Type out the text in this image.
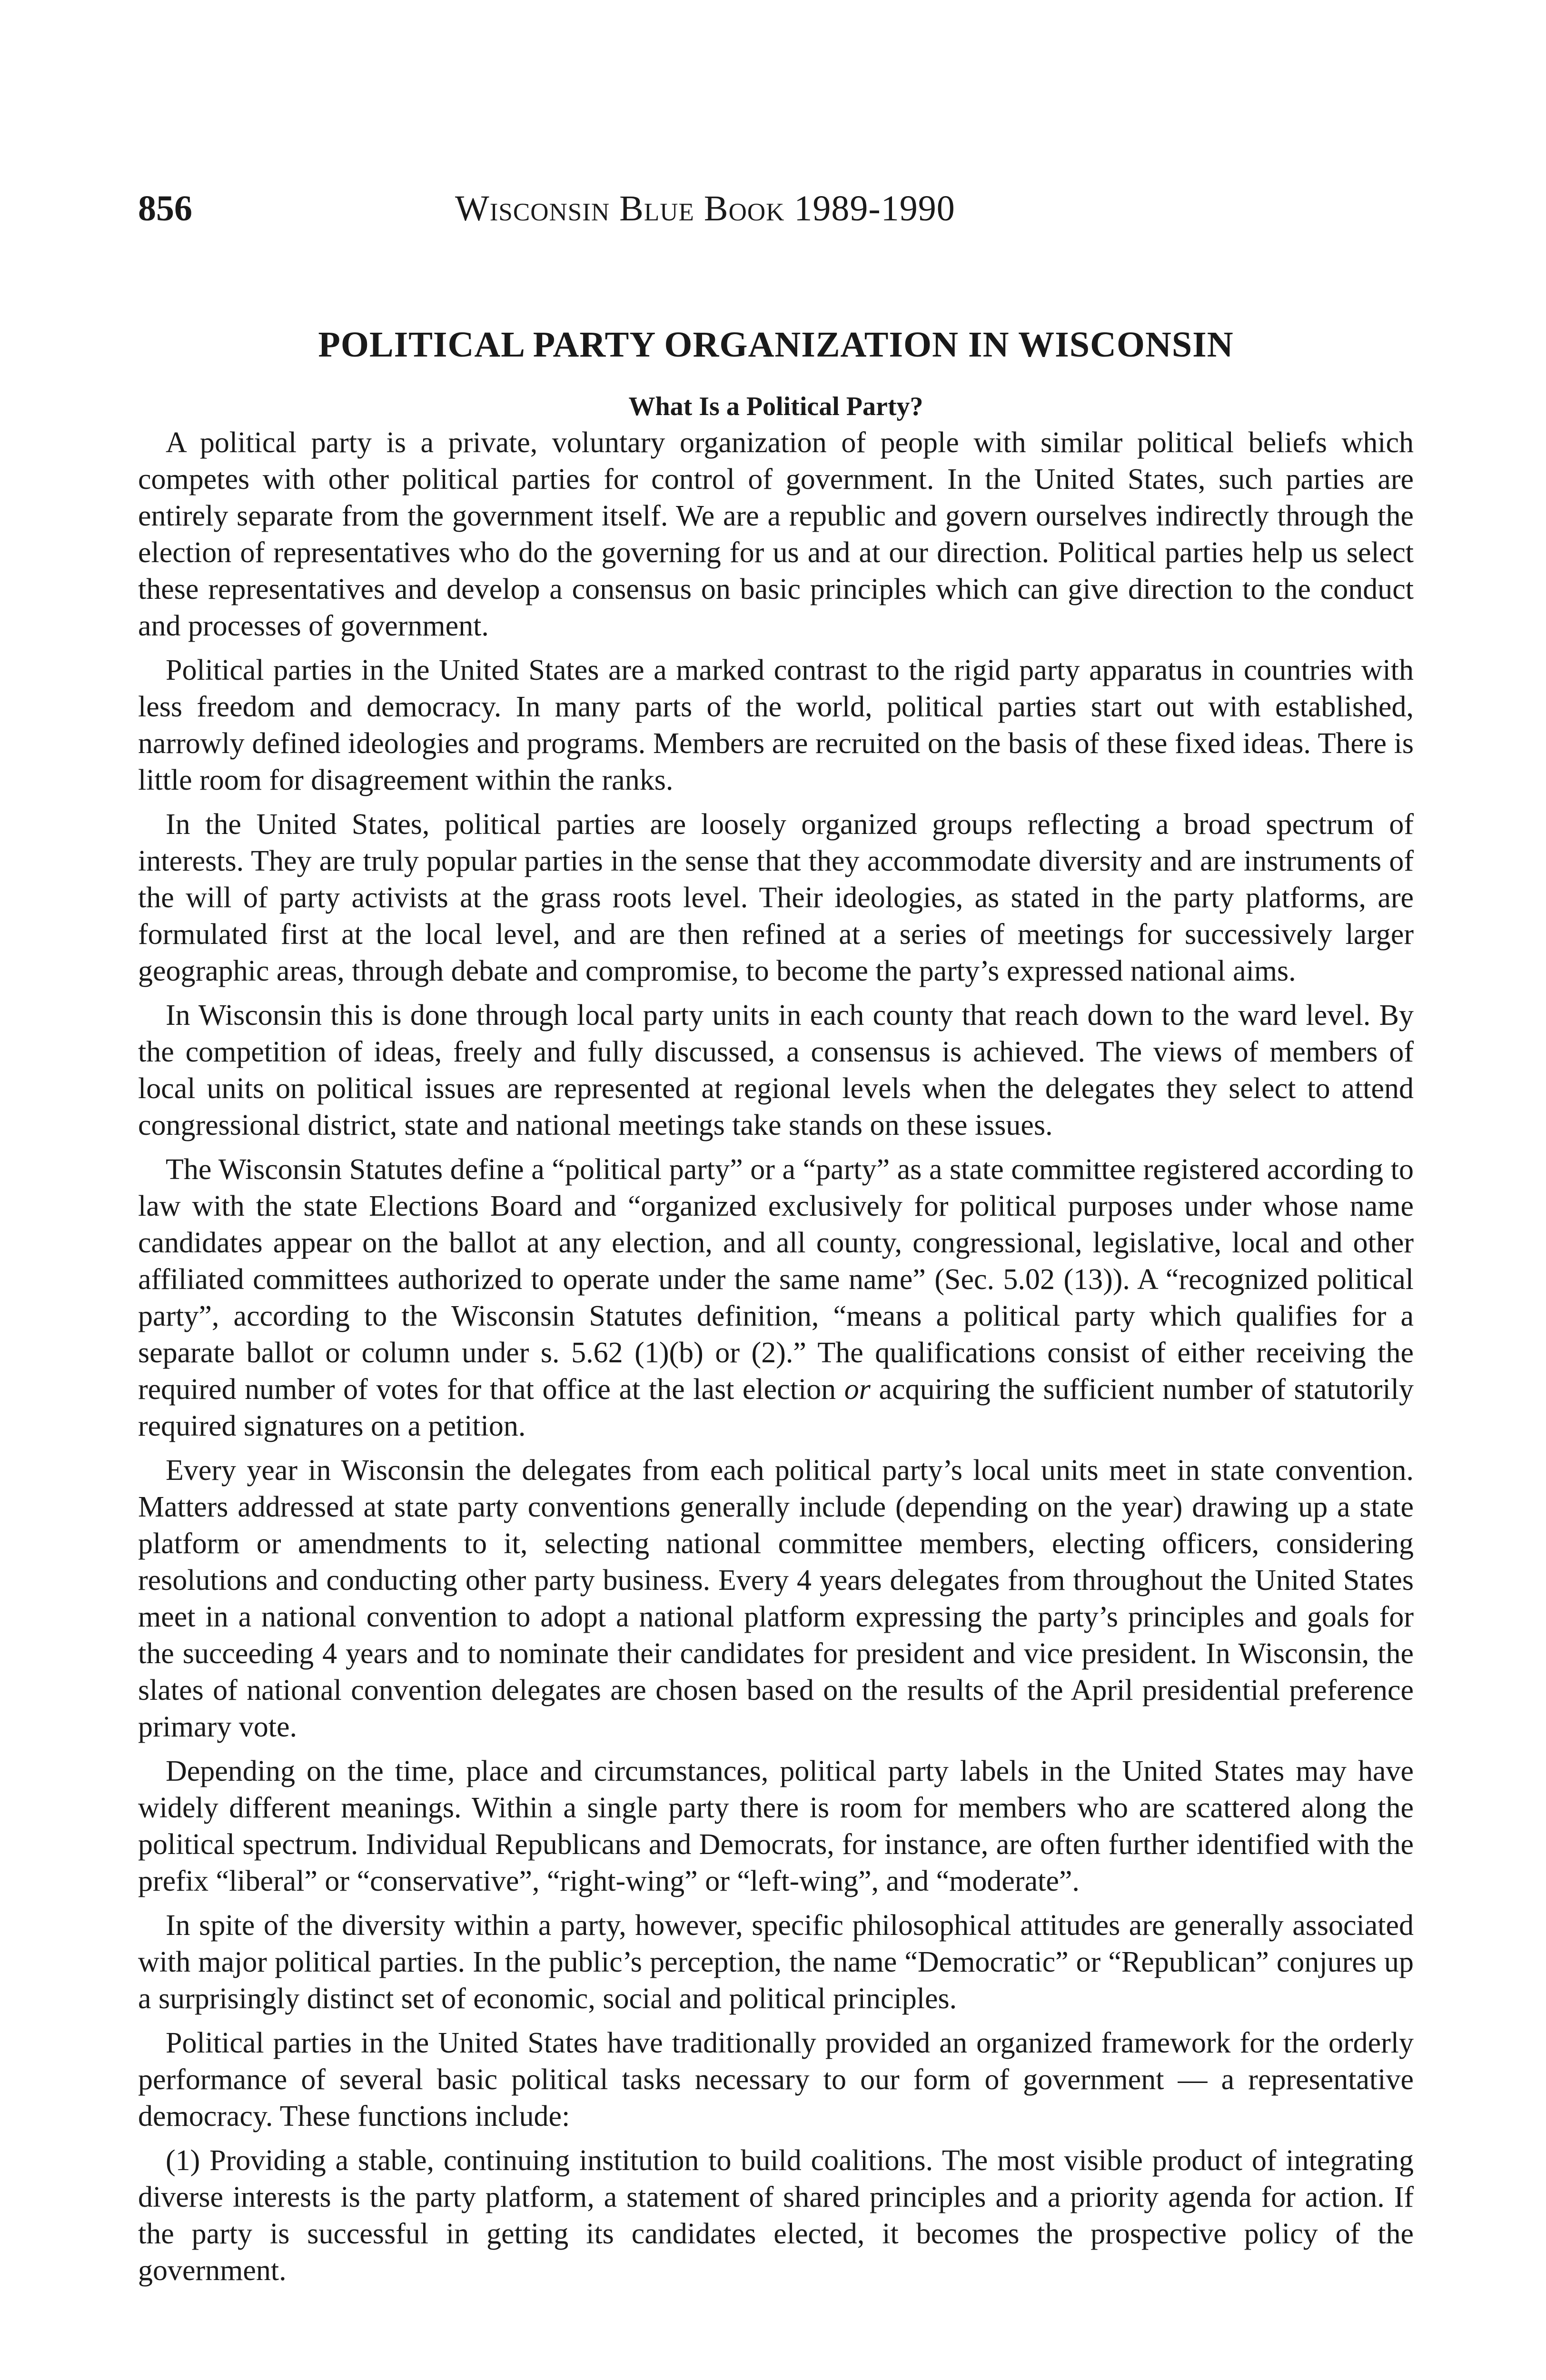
856	Wisconsin Blue Book 1989-1990
POLITICAL PARTY ORGANIZATION IN WISCONSIN
What Is a Political Party?

A political party is a private, voluntary organization of people with similar political beliefs which competes with other political parties for control of government. In the United States, such parties are entirely separate from the government itself. We are a republic and govern ourselves indirectly through the election of representatives who do the governing for us and at our direction. Political parties help us select these representatives and develop a consensus on basic principles which can give direction to the conduct and processes of government.

Political parties in the United States are a marked contrast to the rigid party apparatus in countries with less freedom and democracy. In many parts of the world, political parties start out with established, narrowly defined ideologies and programs. Members are recruited on the basis of these fixed ideas. There is little room for disagreement within the ranks.

In the United States, political parties are loosely organized groups reflecting a broad spectrum of interests. They are truly popular parties in the sense that they accommodate diversity and are instruments of the will of party activists at the grass roots level. Their ideologies, as stated in the party platforms, are formulated first at the local level, and are then refined at a series of meetings for successively larger geographic areas, through debate and compromise, to become the party’s expressed national aims.

In Wisconsin this is done through local party units in each county that reach down to the ward level. By the competition of ideas, freely and fully discussed, a consensus is achieved. The views of members of local units on political issues are represented at regional levels when the delegates they select to attend congressional district, state and national meetings take stands on these issues.

The Wisconsin Statutes define a “political party” or a “party” as a state committee registered according to law with the state Elections Board and “organized exclusively for political purposes under whose name candidates appear on the ballot at any election, and all county, congressional, legislative, local and other affiliated committees authorized to operate under the same name” (Sec. 5.02 (13)). A “recognized political party”, according to the Wisconsin Statutes definition, “means a political party which qualifies for a separate ballot or column under s. 5.62 (1)(b) or (2).” The qualifications consist of either receiving the required number of votes for that office at the last election or acquiring the sufficient number of statutorily required signatures on a petition.

Every year in Wisconsin the delegates from each political party’s local units meet in state convention. Matters addressed at state party conventions generally include (depending on the year) drawing up a state platform or amendments to it, selecting national committee members, electing officers, considering resolutions and conducting other party business. Every 4 years delegates from throughout the United States meet in a national convention to adopt a national platform expressing the party’s principles and goals for the succeeding 4 years and to nominate their candidates for president and vice president. In Wisconsin, the slates of national convention delegates are chosen based on the results of the April presidential preference primary vote.

Depending on the time, place and circumstances, political party labels in the United States may have widely different meanings. Within a single party there is room for members who are scattered along the political spectrum. Individual Republicans and Democrats, for instance, are often further identified with the prefix “liberal” or “conservative”, “right-wing” or “left-wing”, and “moderate”.

In spite of the diversity within a party, however, specific philosophical attitudes are generally associated with major political parties. In the public’s perception, the name “Democratic” or “Republican” conjures up a surprisingly distinct set of economic, social and political principles.

Political parties in the United States have traditionally provided an organized framework for the orderly performance of several basic political tasks necessary to our form of government — a representative democracy. These functions include:

(1) Providing a stable, continuing institution to build coalitions. The most visible product of integrating diverse interests is the party platform, a statement of shared principles and a priority agenda for action. If the party is successful in getting its candidates elected, it becomes the prospective policy of the government.
